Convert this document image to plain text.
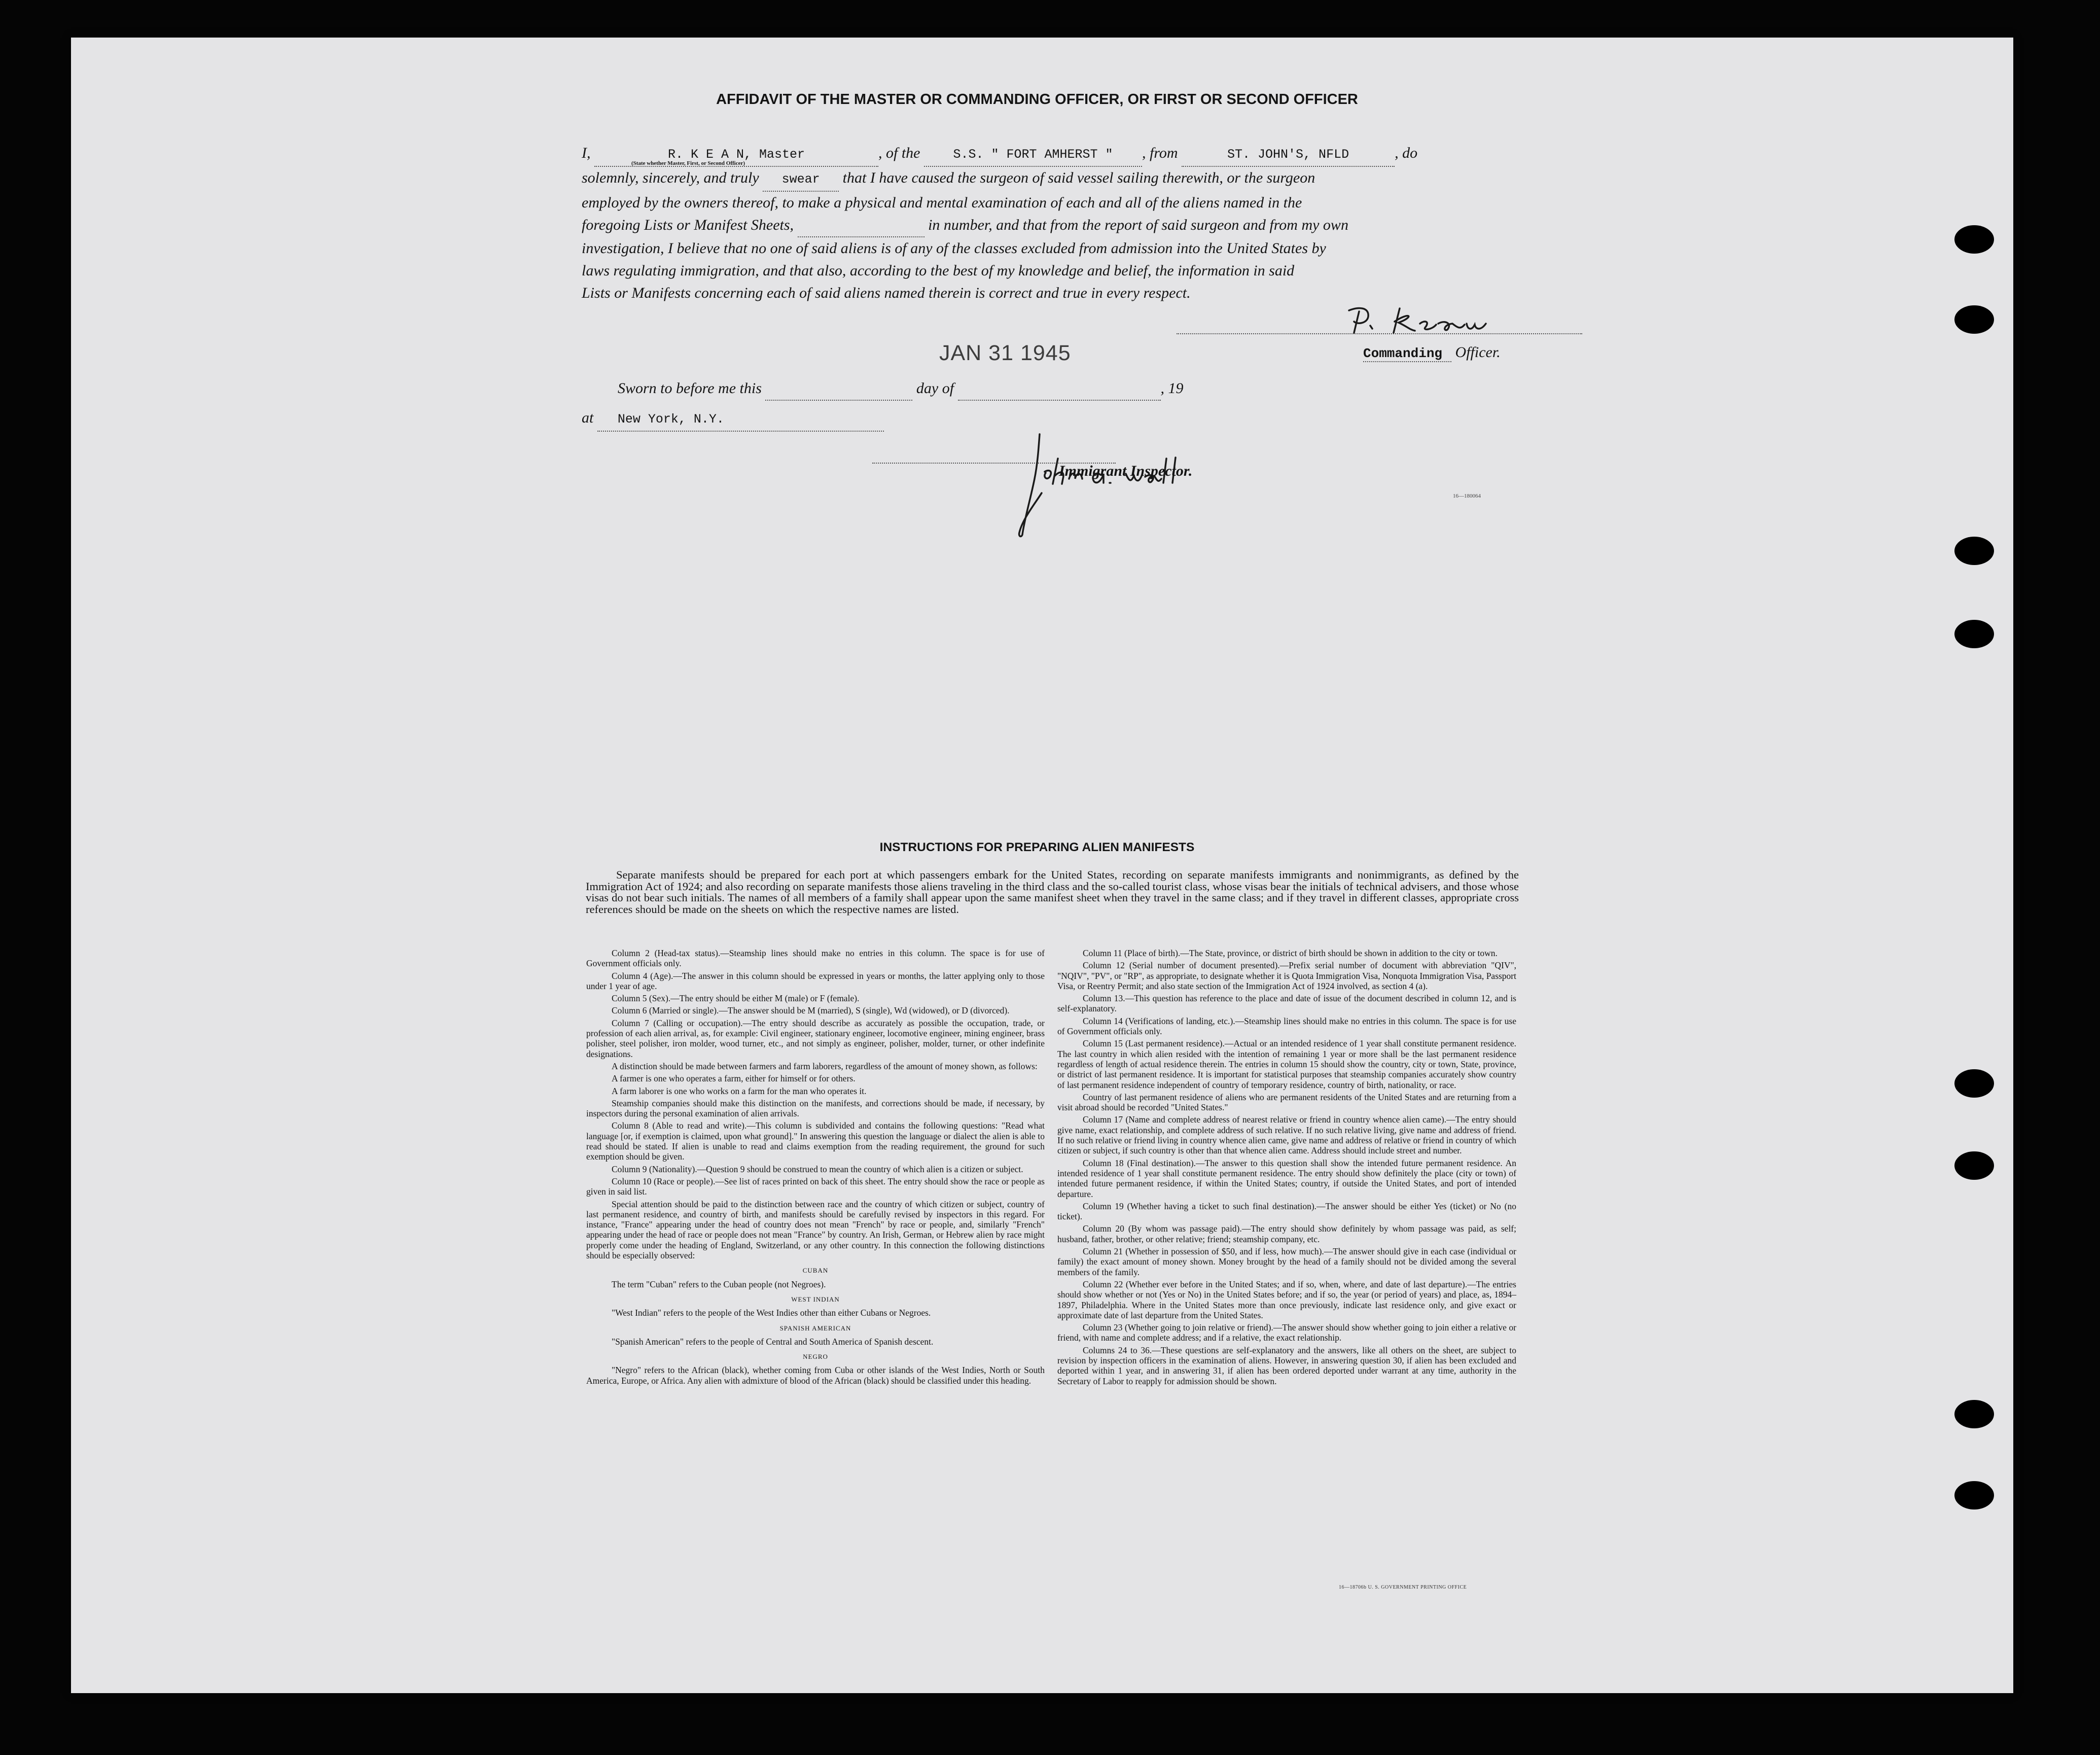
AFFIDAVIT OF THE MASTER OR COMMANDING OFFICER, OR FIRST OR SECOND OFFICER
I,	R. K E A N, Master	, of the	S.S. " FORT AMHERST " , from	ST. JOHN'S, NFLD	, do
(State whether Master, First, or Second Officer)
solemnly, sincerely, and truly swear that I have caused the surgeon of said vessel sailing therewith, or the surgeon
employed by the owners thereof, to make a physical and mental examination of each and all of the aliens named in the
foregoing Lists or Manifest Sheets,	in number, and that from the report of said surgeon and from my own
investigation, I believe that no one of said aliens is of any of the classes excluded from admission into the United States by
laws regulating immigration, and that also, according to the best of my knowledge and belief, the information in said
Lists or Manifests concerning each of said aliens named therein is correct and true in every respect.
JAN 31 1945	Commanding Officer.
Sworn to before me this	day of	, 19
at New York, N.Y.
Immigrant Inspector.
16—180064
INSTRUCTIONS FOR PREPARING ALIEN MANIFESTS
Separate manifests should be prepared for each port at which passengers embark for the United States, recording on separate manifests immigrants and nonimmigrants, as defined by the Immigration Act of 1924; and also recording on separate manifests those aliens traveling in the third class and the so-called tourist class, whose visas bear the initials of technical advisers, and those whose visas do not bear such initials. The names of all members of a family shall appear upon the same manifest sheet when they travel in the same class; and if they travel in different classes, appropriate cross references should be made on the sheets on which the respective names are listed.

Column 2 (Head-tax status).—Steamship lines should make no entries in this column. The space is for use of Government officials only.

Column 4 (Age).—The answer in this column should be expressed in years or months, the latter applying only to those under 1 year of age.

Column 5 (Sex).—The entry should be either M (male) or F (female).

Column 6 (Married or single).—The answer should be M (married), S (single), Wd (widowed), or D (divorced).

Column 7 (Calling or occupation).—The entry should describe as accurately as possible the occupation, trade, or profession of each alien arrival, as, for example: Civil engineer, stationary engineer, locomotive engineer, mining engineer, brass polisher, steel polisher, iron molder, wood turner, etc., and not simply as engineer, polisher, molder, turner, or other indefinite designations.

A distinction should be made between farmers and farm laborers, regardless of the amount of money shown, as follows:

A farmer is one who operates a farm, either for himself or for others.

A farm laborer is one who works on a farm for the man who operates it.

Steamship companies should make this distinction on the manifests, and corrections should be made, if necessary, by inspectors during the personal examination of alien arrivals.

Column 8 (Able to read and write).—This column is subdivided and contains the following questions: "Read what language [or, if exemption is claimed, upon what ground]." In answering this question the language or dialect the alien is able to read should be stated. If alien is unable to read and claims exemption from the reading requirement, the ground for such exemption should be given.

Column 9 (Nationality).—Question 9 should be construed to mean the country of which alien is a citizen or subject.

Column 10 (Race or people).—See list of races printed on back of this sheet. The entry should show the race or people as given in said list.

Special attention should be paid to the distinction between race and the country of which citizen or subject, country of last permanent residence, and country of birth, and manifests should be carefully revised by inspectors in this regard. For instance, "France" appearing under the head of country does not mean "French" by race or people, and, similarly "French" appearing under the head of race or people does not mean "France" by country. An Irish, German, or Hebrew alien by race might properly come under the heading of England, Switzerland, or any other country. In this connection the following distinctions should be especially observed:

CUBAN

The term "Cuban" refers to the Cuban people (not Negroes).

WEST INDIAN

"West Indian" refers to the people of the West Indies other than either Cubans or Negroes.

SPANISH AMERICAN

"Spanish American" refers to the people of Central and South America of Spanish descent.

NEGRO

"Negro" refers to the African (black), whether coming from Cuba or other islands of the West Indies, North or South America, Europe, or Africa. Any alien with admixture of blood of the African (black) should be classified under this heading.

Column 11 (Place of birth).—The State, province, or district of birth should be shown in addition to the city or town.

Column 12 (Serial number of document presented).—Prefix serial number of document with abbreviation "QIV", "NQIV", "PV", or "RP", as appropriate, to designate whether it is Quota Immigration Visa, Nonquota Immigration Visa, Passport Visa, or Reentry Permit; and also state section of the Immigration Act of 1924 involved, as section 4 (a).

Column 13.—This question has reference to the place and date of issue of the document described in column 12, and is self-explanatory.

Column 14 (Verifications of landing, etc.).—Steamship lines should make no entries in this column. The space is for use of Government officials only.

Column 15 (Last permanent residence).—Actual or an intended residence of 1 year shall constitute permanent residence. The last country in which alien resided with the intention of remaining 1 year or more shall be the last permanent residence regardless of length of actual residence therein. The entries in column 15 should show the country, city or town, State, province, or district of last permanent residence. It is important for statistical purposes that steamship companies accurately show country of last permanent residence independent of country of temporary residence, country of birth, nationality, or race.

Country of last permanent residence of aliens who are permanent residents of the United States and are returning from a visit abroad should be recorded "United States."

Column 17 (Name and complete address of nearest relative or friend in country whence alien came).—The entry should give name, exact relationship, and complete address of such relative. If no such relative living, give name and address of friend. If no such relative or friend living in country whence alien came, give name and address of relative or friend in country of which citizen or subject, if such country is other than that whence alien came. Address should include street and number.

Column 18 (Final destination).—The answer to this question shall show the intended future permanent residence. An intended residence of 1 year shall constitute permanent residence. The entry should show definitely the place (city or town) of intended future permanent residence, if within the United States; country, if outside the United States, and port of intended departure.

Column 19 (Whether having a ticket to such final destination).—The answer should be either Yes (ticket) or No (no ticket).

Column 20 (By whom was passage paid).—The entry should show definitely by whom passage was paid, as self; husband, father, brother, or other relative; friend; steamship company, etc.

Column 21 (Whether in possession of $50, and if less, how much).—The answer should give in each case (individual or family) the exact amount of money shown. Money brought by the head of a family should not be divided among the several members of the family.

Column 22 (Whether ever before in the United States; and if so, when, where, and date of last departure).—The entries should show whether or not (Yes or No) in the United States before; and if so, the year (or period of years) and place, as, 1894–1897, Philadelphia. Where in the United States more than once previously, indicate last residence only, and give exact or approximate date of last departure from the United States.

Column 23 (Whether going to join relative or friend).—The answer should show whether going to join either a relative or friend, with name and complete address; and if a relative, the exact relationship.

Columns 24 to 36.—These questions are self-explanatory and the answers, like all others on the sheet, are subject to revision by inspection officers in the examination of aliens. However, in answering question 30, if alien has been excluded and deported within 1 year, and in answering 31, if alien has been ordered deported under warrant at any time, authority in the Secretary of Labor to reapply for admission should be shown.

16—18706b U. S. GOVERNMENT PRINTING OFFICE
